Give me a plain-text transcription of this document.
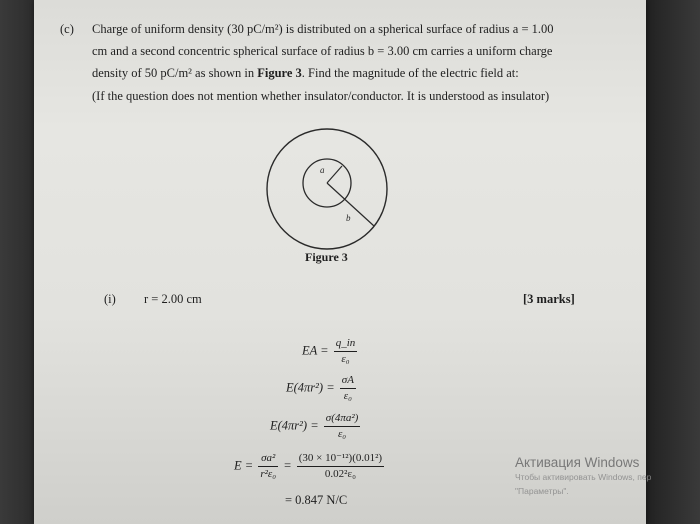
(c) Charge of uniform density (30 pC/m²) is distributed on a spherical surface of radius a = 1.00
cm and a second concentric spherical surface of radius b = 3.00 cm carries a uniform charge
density of 50 pC/m² as shown in Figure 3. Find the magnitude of the electric field at:
(If the question does not mention whether insulator/conductor. It is understood as insulator)
a
b
Figure 3
(i) r = 2.00 cm	[3 marks]
EA = $\frac{q\_in}{\text{ε₀}}$
$E(4\pi r^2) = \frac{\sigma A}{\text{ε₀}}$
$E(4\pi r^2) = \frac{\text{σ(4πa²)}}{\text{ε₀}}$
$E = \frac{\text{σa²}}{\text{r²ε₀}} = \frac{\text{(30 × 10⁻¹²)(0.01²)}}{\text{0.02²ε₀}}$
= 0.847 N/C
Активация Windows
Чтобы активировать Windows, пер
"Параметры".
